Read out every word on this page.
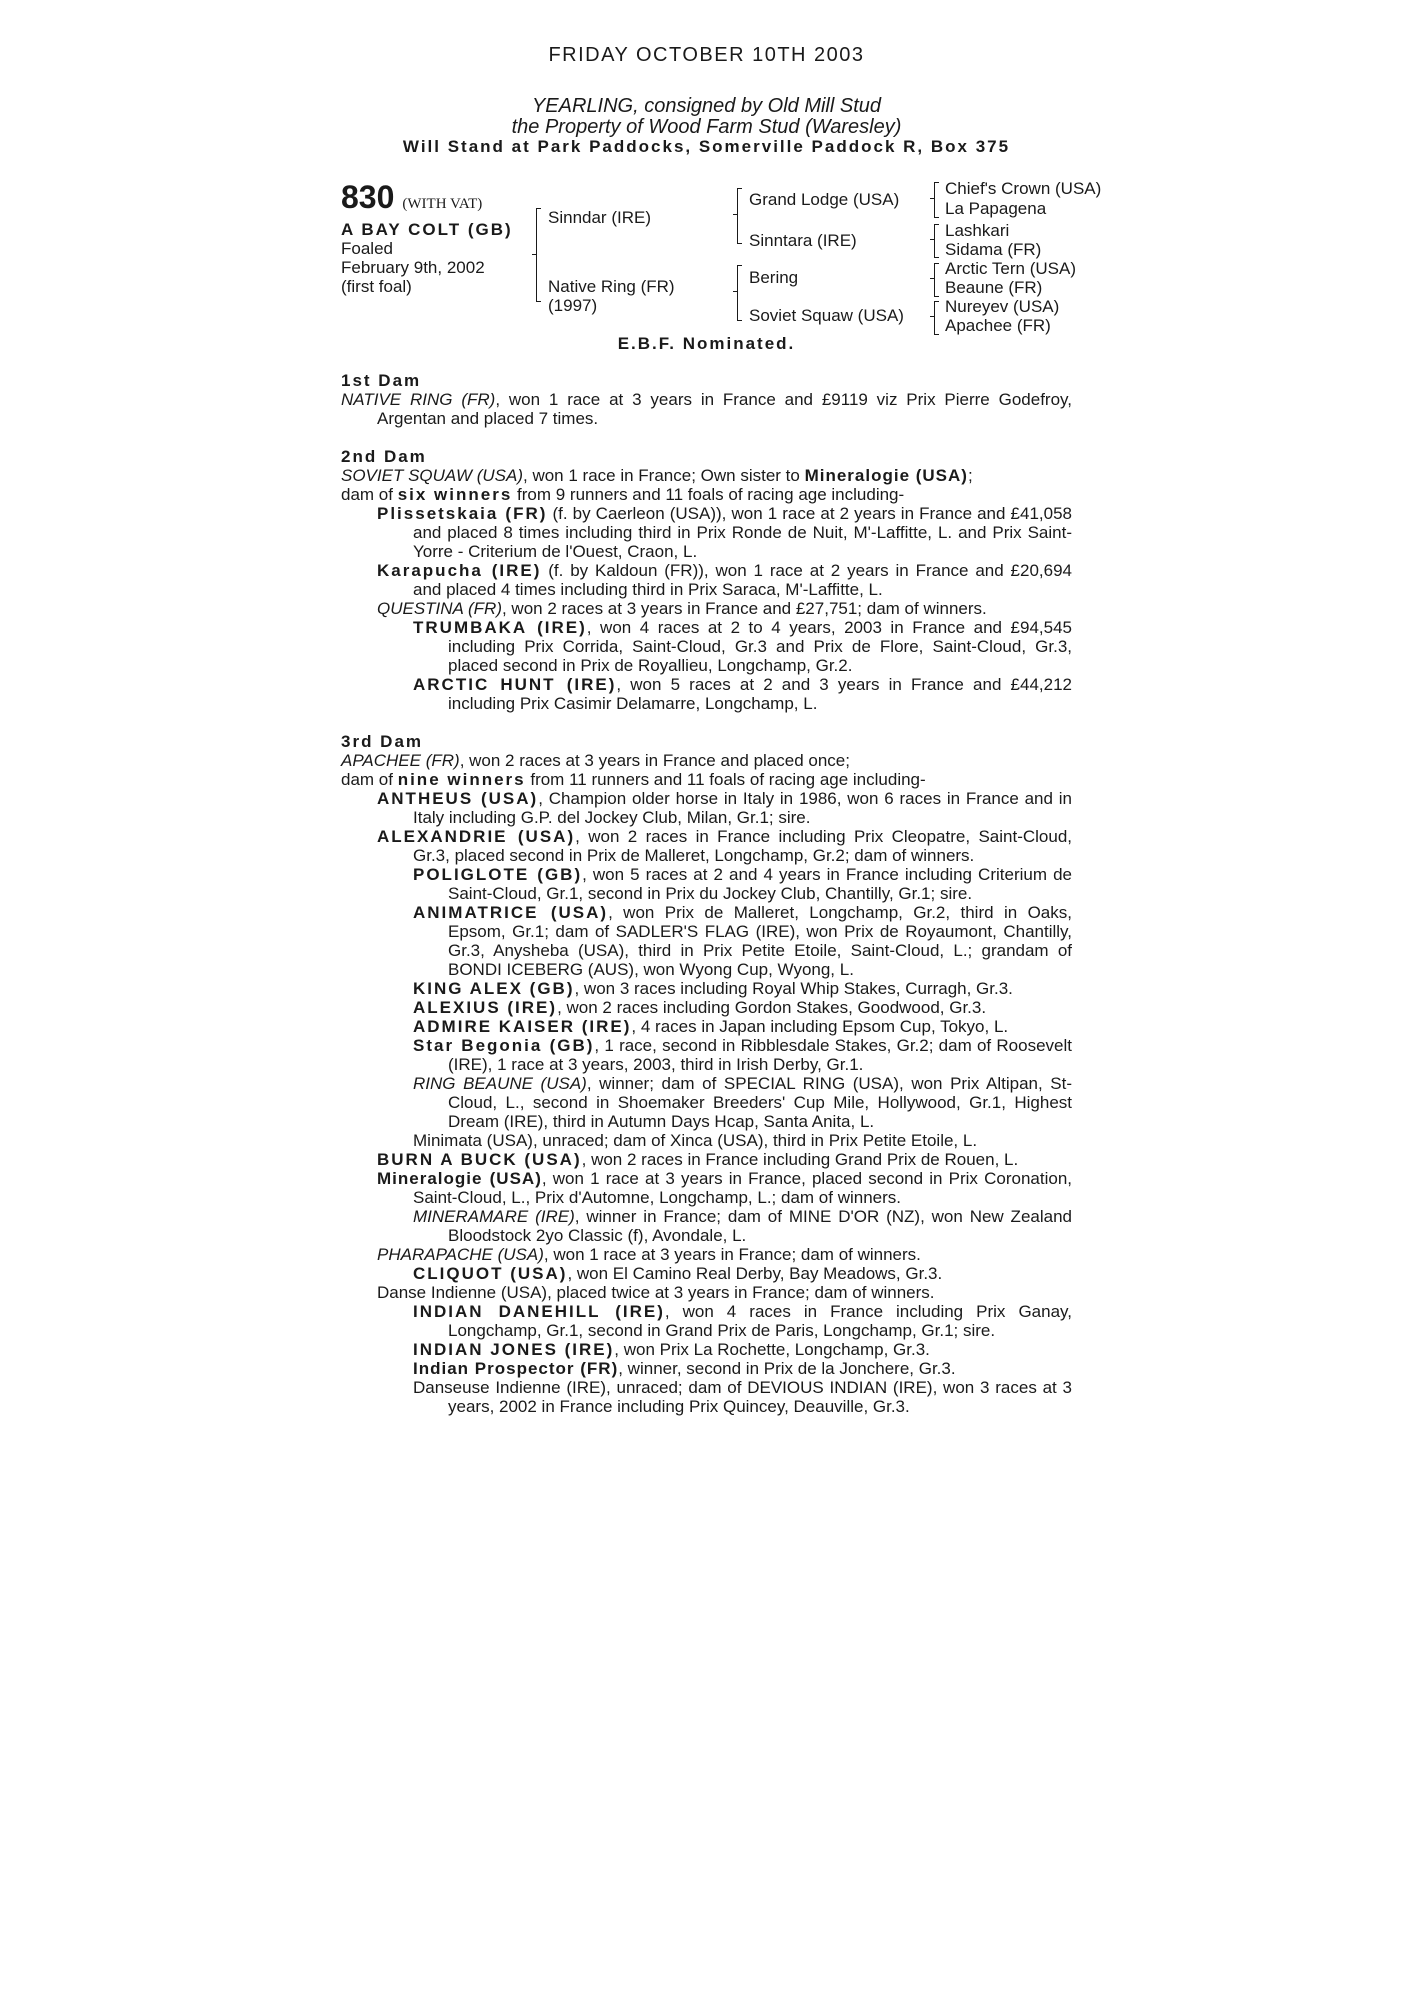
FRIDAY OCTOBER 10TH 2003
YEARLING, consigned by Old Mill Stud
the Property of Wood Farm Stud (Waresley)
Will Stand at Park Paddocks, Somerville Paddock R, Box 375
830 (WITH VAT)
A BAY COLT (GB)
Foaled
February 9th, 2002
(first foal)
Sinndar (IRE)
Native Ring (FR)
(1997)
Grand Lodge (USA)
Sinntara (IRE)
Bering
Soviet Squaw (USA)
Chief's Crown (USA)
La Papagena
Lashkari
Sidama (FR)
Arctic Tern (USA)
Beaune (FR)
Nureyev (USA)
Apachee (FR)
E.B.F. Nominated.
1st Dam
NATIVE RING (FR), won 1 race at 3 years in France and £9119 viz Prix Pierre Godefroy, Argentan and placed 7 times.
2nd Dam
SOVIET SQUAW (USA), won 1 race in France; Own sister to Mineralogie (USA);
dam of six winners from 9 runners and 11 foals of racing age including-
Plissetskaia (FR) (f. by Caerleon (USA)), won 1 race at 2 years in France and £41,058 and placed 8 times including third in Prix Ronde de Nuit, M'-Laffitte, L. and Prix Saint-Yorre - Criterium de l'Ouest, Craon, L.
Karapucha (IRE) (f. by Kaldoun (FR)), won 1 race at 2 years in France and £20,694 and placed 4 times including third in Prix Saraca, M'-Laffitte, L.
QUESTINA (FR), won 2 races at 3 years in France and £27,751; dam of winners.
TRUMBAKA (IRE), won 4 races at 2 to 4 years, 2003 in France and £94,545 including Prix Corrida, Saint-Cloud, Gr.3 and Prix de Flore, Saint-Cloud, Gr.3, placed second in Prix de Royallieu, Longchamp, Gr.2.
ARCTIC HUNT (IRE), won 5 races at 2 and 3 years in France and £44,212 including Prix Casimir Delamarre, Longchamp, L.
3rd Dam
APACHEE (FR), won 2 races at 3 years in France and placed once;
dam of nine winners from 11 runners and 11 foals of racing age including-
ANTHEUS (USA), Champion older horse in Italy in 1986, won 6 races in France and in Italy including G.P. del Jockey Club, Milan, Gr.1; sire.
ALEXANDRIE (USA), won 2 races in France including Prix Cleopatre, Saint-Cloud, Gr.3, placed second in Prix de Malleret, Longchamp, Gr.2; dam of winners.
POLIGLOTE (GB), won 5 races at 2 and 4 years in France including Criterium de Saint-Cloud, Gr.1, second in Prix du Jockey Club, Chantilly, Gr.1; sire.
ANIMATRICE (USA), won Prix de Malleret, Longchamp, Gr.2, third in Oaks, Epsom, Gr.1; dam of SADLER'S FLAG (IRE), won Prix de Royaumont, Chantilly, Gr.3, Anysheba (USA), third in Prix Petite Etoile, Saint-Cloud, L.; grandam of BONDI ICEBERG (AUS), won Wyong Cup, Wyong, L.
KING ALEX (GB), won 3 races including Royal Whip Stakes, Curragh, Gr.3.
ALEXIUS (IRE), won 2 races including Gordon Stakes, Goodwood, Gr.3.
ADMIRE KAISER (IRE), 4 races in Japan including Epsom Cup, Tokyo, L.
Star Begonia (GB), 1 race, second in Ribblesdale Stakes, Gr.2; dam of Roosevelt (IRE), 1 race at 3 years, 2003, third in Irish Derby, Gr.1.
RING BEAUNE (USA), winner; dam of SPECIAL RING (USA), won Prix Altipan, St-Cloud, L., second in Shoemaker Breeders' Cup Mile, Hollywood, Gr.1, Highest Dream (IRE), third in Autumn Days Hcap, Santa Anita, L.
Minimata (USA), unraced; dam of Xinca (USA), third in Prix Petite Etoile, L.
BURN A BUCK (USA), won 2 races in France including Grand Prix de Rouen, L.
Mineralogie (USA), won 1 race at 3 years in France, placed second in Prix Coronation, Saint-Cloud, L., Prix d'Automne, Longchamp, L.; dam of winners.
MINERAMARE (IRE), winner in France; dam of MINE D'OR (NZ), won New Zealand Bloodstock 2yo Classic (f), Avondale, L.
PHARAPACHE (USA), won 1 race at 3 years in France; dam of winners.
CLIQUOT (USA), won El Camino Real Derby, Bay Meadows, Gr.3.
Danse Indienne (USA), placed twice at 3 years in France; dam of winners.
INDIAN DANEHILL (IRE), won 4 races in France including Prix Ganay, Longchamp, Gr.1, second in Grand Prix de Paris, Longchamp, Gr.1; sire.
INDIAN JONES (IRE), won Prix La Rochette, Longchamp, Gr.3.
Indian Prospector (FR), winner, second in Prix de la Jonchere, Gr.3.
Danseuse Indienne (IRE), unraced; dam of DEVIOUS INDIAN (IRE), won 3 races at 3 years, 2002 in France including Prix Quincey, Deauville, Gr.3.
